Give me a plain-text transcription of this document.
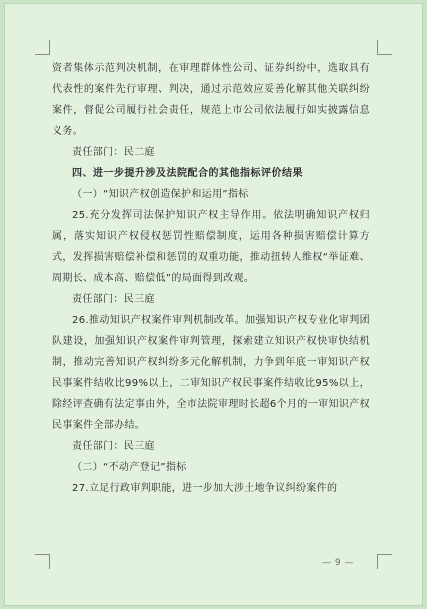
资者集体示范判决机制，在审理群体性公司、证券纠纷中，选取具有代表性的案件先行审理、判决，通过示范效应妥善化解其他关联纠纷案件，督促公司履行社会责任，规范上市公司依法履行如实披露信息义务。

责任部门：民二庭

四、进一步提升涉及法院配合的其他指标评价结果

（一）“知识产权创造保护和运用”指标

25.充分发挥司法保护知识产权主导作用。依法明确知识产权归属，落实知识产权侵权惩罚性赔偿制度，运用各种损害赔偿计算方式，发挥损害赔偿补偿和惩罚的双重功能，推动扭转人维权“举证难、周期长、成本高、赔偿低”的局面得到改观。

责任部门：民三庭

26.推动知识产权案件审判机制改革。加强知识产权专业化审判团队建设，加强知识产权案件审判管理，探索建立知识产权快审快结机制，推动完善知识产权纠纷多元化解机制，力争到年底一审知识产权民事案件结收比99%以上，二审知识产权民事案件结收比95%以上，除经评查确有法定事由外，全市法院审理时长超6个月的一审知识产权民事案件全部办结。

责任部门：民三庭

（二）“不动产登记”指标

27.立足行政审判职能，进一步加大涉土地争议纠纷案件的

— 9 —
